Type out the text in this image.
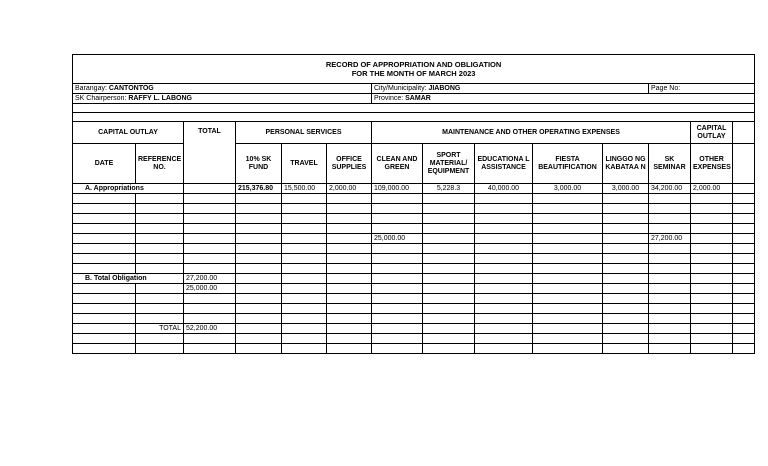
RECORD OF APPROPRIATION AND OBLIGATION
FOR THE MONTH OF MARCH 2023													

Barangay: CANTONTOG						City/Municipality: JIABONG					Page No:		
SK Chairperson: RAFFY L. LABONG						Province: SAMAR							

CAPITAL OUTLAY		TOTAL	PERSONAL SERVICES			MAINTENANCE AND OTHER OPERATING EXPENSES						CAPITAL OUTLAY	
DATE	REFERENCE NO.		10% SK FUND	TRAVEL	OFFICE SUPPLIES	CLEAN AND GREEN	SPORT MATERIAL/ EQUIPMENT	EDUCATIONA L ASSISTANCE	FIESTA BEAUTIFICATION	LINGGO NG KABATAA N	SK SEMINAR	OTHER EXPENSES	
A. Appropriations			215,376.80	15,500.00	2,000.00	109,000.00	5,228.3	40,000.00	3,000.00	3,000.00	34,200.00	2,000.00	

						25,000.00					27,200.00		

B. Total Obligation		27,200.00											
		25,000.00											

	TOTAL	52,200.00											
